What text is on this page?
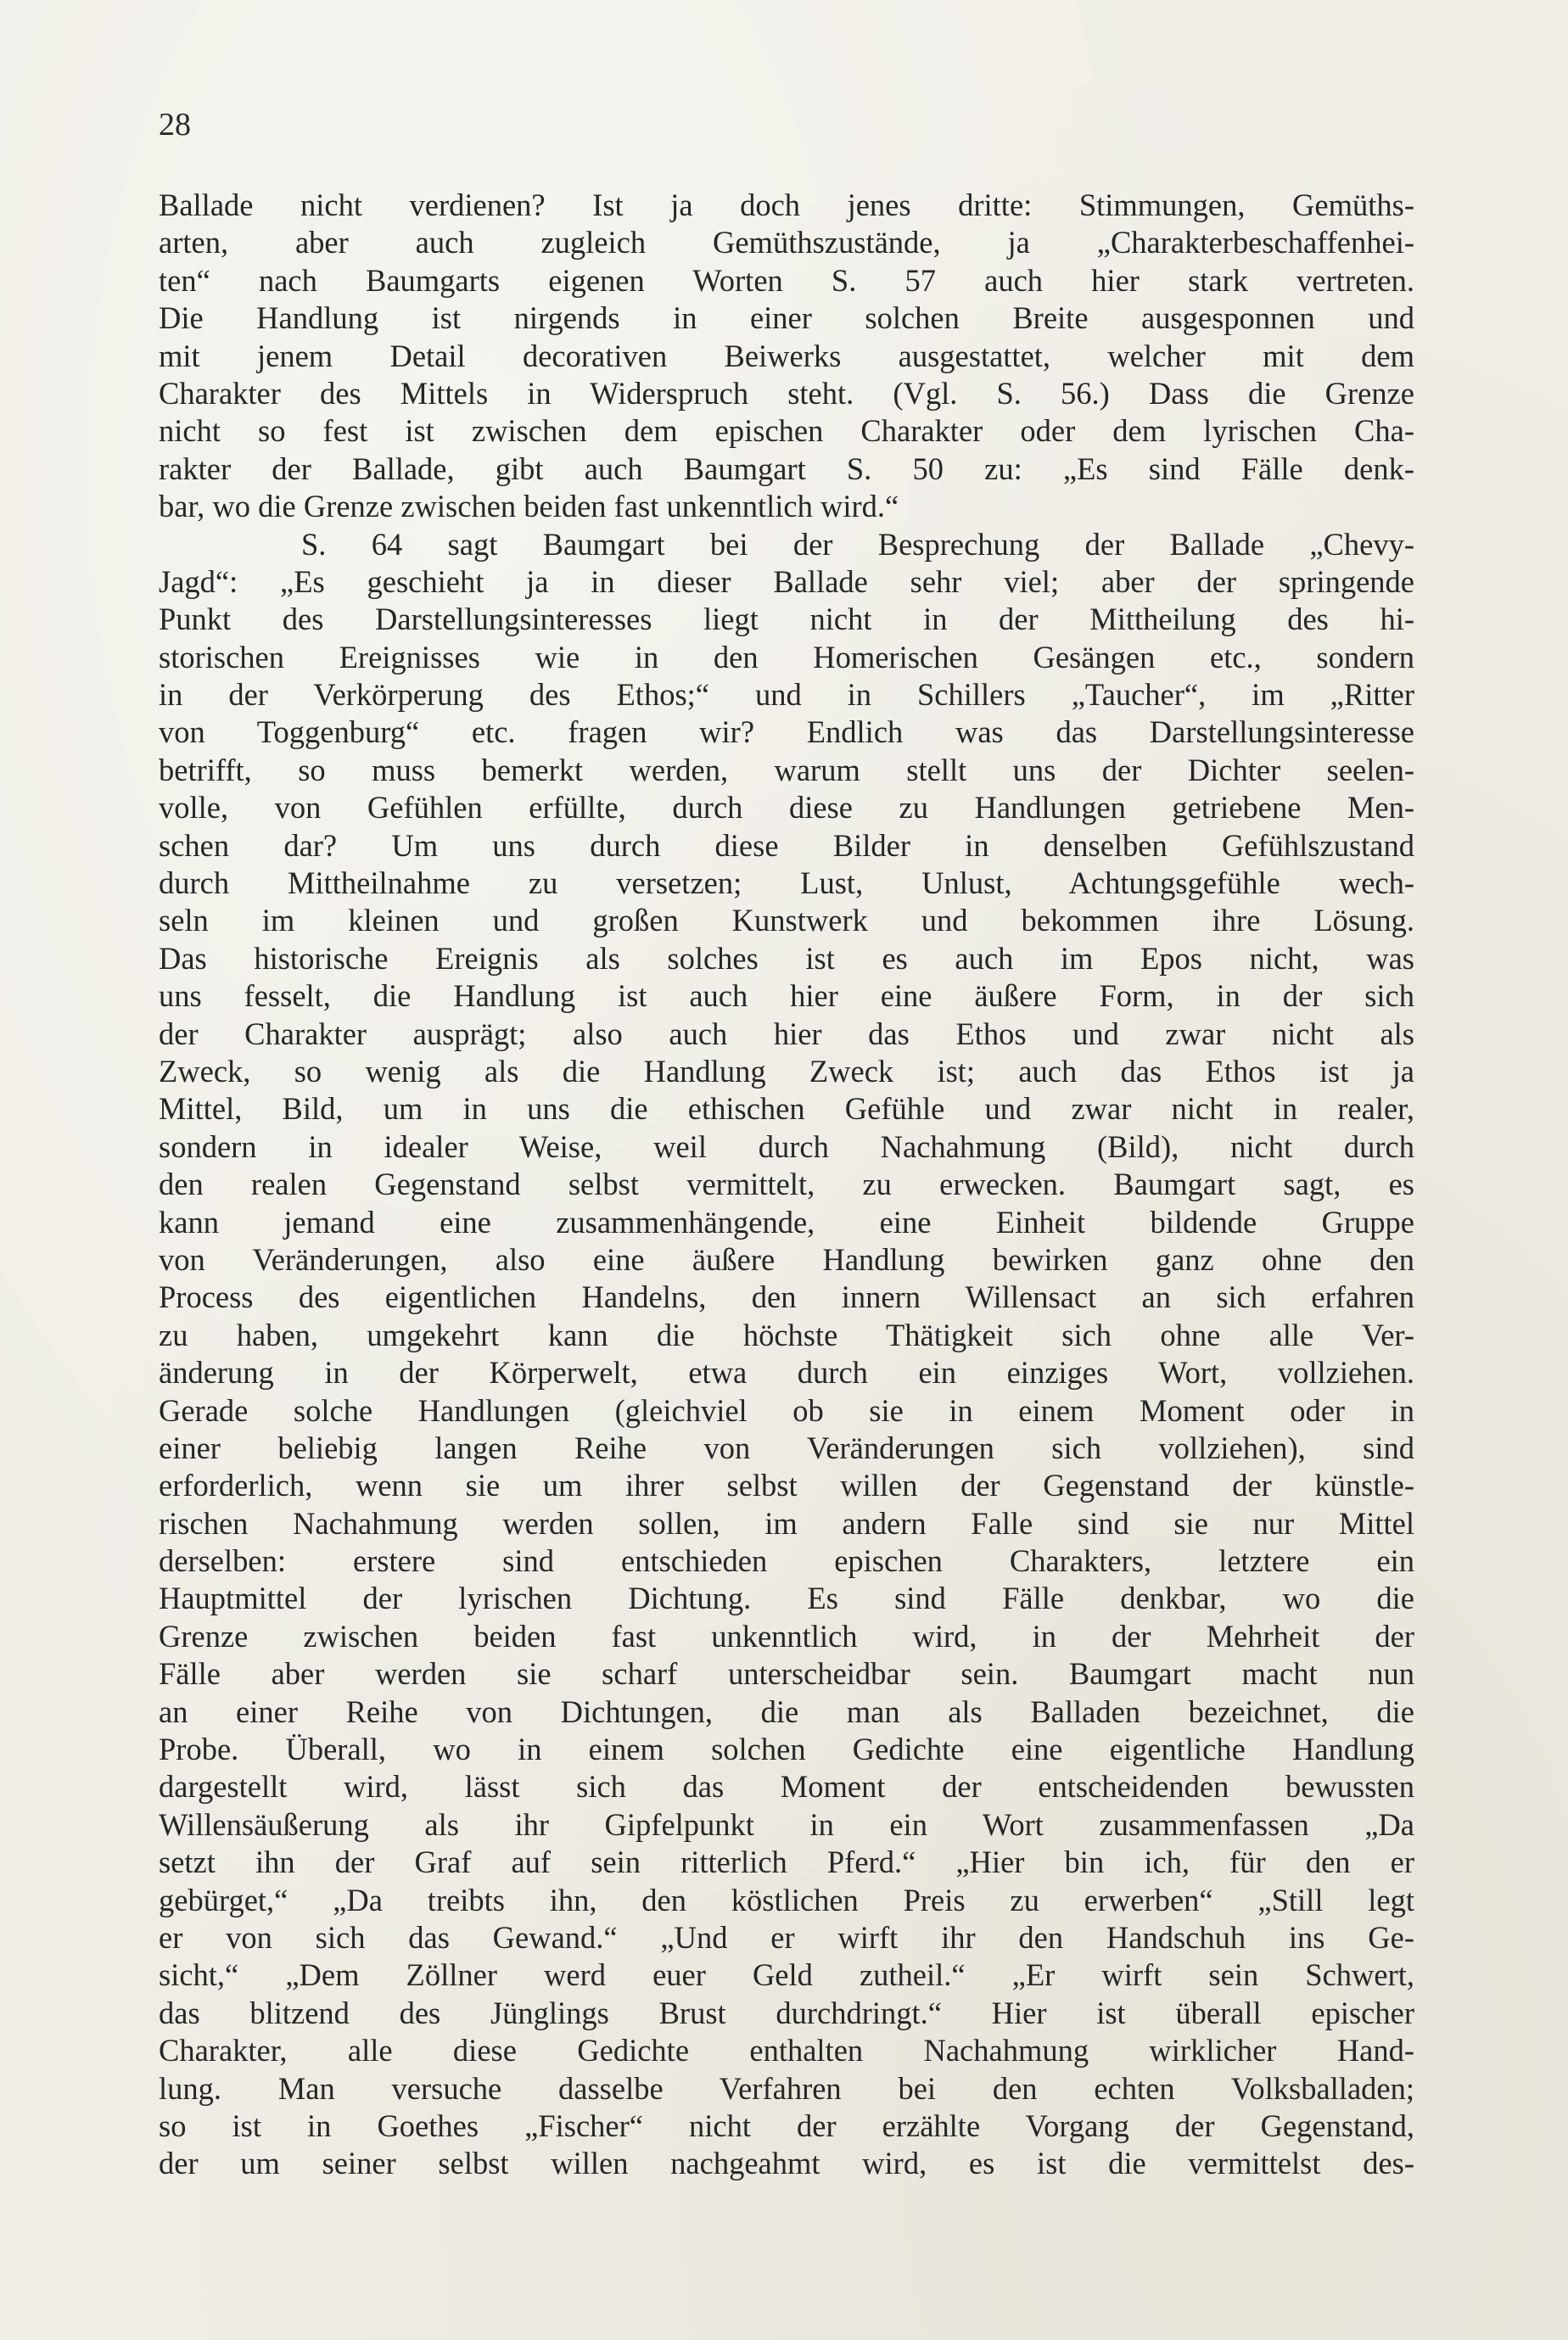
28
Ballade nicht verdienen? Ist ja doch jenes dritte: Stimmungen, Gemüths-
arten, aber auch zugleich Gemüthszustände, ja „Charakterbeschaffenhei-
ten“ nach Baumgarts eigenen Worten S. 57 auch hier stark vertreten.
Die Handlung ist nirgends in einer solchen Breite ausgesponnen und
mit jenem Detail decorativen Beiwerks ausgestattet, welcher mit dem
Charakter des Mittels in Widerspruch steht. (Vgl. S. 56.) Dass die Grenze
nicht so fest ist zwischen dem epischen Charakter oder dem lyrischen Cha-
rakter der Ballade, gibt auch Baumgart S. 50 zu: „Es sind Fälle denk-
bar, wo die Grenze zwischen beiden fast unkenntlich wird.“
S. 64 sagt Baumgart bei der Besprechung der Ballade „Chevy-
Jagd“: „Es geschieht ja in dieser Ballade sehr viel; aber der springende
Punkt des Darstellungsinteresses liegt nicht in der Mittheilung des hi-
storischen Ereignisses wie in den Homerischen Gesängen etc., sondern
in der Verkörperung des Ethos;“ und in Schillers „Taucher“, im „Ritter
von Toggenburg“ etc. fragen wir? Endlich was das Darstellungsinteresse
betrifft, so muss bemerkt werden, warum stellt uns der Dichter seelen-
volle, von Gefühlen erfüllte, durch diese zu Handlungen getriebene Men-
schen dar? Um uns durch diese Bilder in denselben Gefühlszustand
durch Mittheilnahme zu versetzen; Lust, Unlust, Achtungsgefühle wech-
seln im kleinen und großen Kunstwerk und bekommen ihre Lösung.
Das historische Ereignis als solches ist es auch im Epos nicht, was
uns fesselt, die Handlung ist auch hier eine äußere Form, in der sich
der Charakter ausprägt; also auch hier das Ethos und zwar nicht als
Zweck, so wenig als die Handlung Zweck ist; auch das Ethos ist ja
Mittel, Bild, um in uns die ethischen Gefühle und zwar nicht in realer,
sondern in idealer Weise, weil durch Nachahmung (Bild), nicht durch
den realen Gegenstand selbst vermittelt, zu erwecken. Baumgart sagt, es
kann jemand eine zusammenhängende, eine Einheit bildende Gruppe
von Veränderungen, also eine äußere Handlung bewirken ganz ohne den
Process des eigentlichen Handelns, den innern Willensact an sich erfahren
zu haben, umgekehrt kann die höchste Thätigkeit sich ohne alle Ver-
änderung in der Körperwelt, etwa durch ein einziges Wort, vollziehen.
Gerade solche Handlungen (gleichviel ob sie in einem Moment oder in
einer beliebig langen Reihe von Veränderungen sich vollziehen), sind
erforderlich, wenn sie um ihrer selbst willen der Gegenstand der künstle-
rischen Nachahmung werden sollen, im andern Falle sind sie nur Mittel
derselben: erstere sind entschieden epischen Charakters, letztere ein
Hauptmittel der lyrischen Dichtung. Es sind Fälle denkbar, wo die
Grenze zwischen beiden fast unkenntlich wird, in der Mehrheit der
Fälle aber werden sie scharf unterscheidbar sein. Baumgart macht nun
an einer Reihe von Dichtungen, die man als Balladen bezeichnet, die
Probe. Überall, wo in einem solchen Gedichte eine eigentliche Handlung
dargestellt wird, lässt sich das Moment der entscheidenden bewussten
Willensäußerung als ihr Gipfelpunkt in ein Wort zusammenfassen „Da
setzt ihn der Graf auf sein ritterlich Pferd.“ „Hier bin ich, für den er
gebürget,“ „Da treibts ihn, den köstlichen Preis zu erwerben“ „Still legt
er von sich das Gewand.“ „Und er wirft ihr den Handschuh ins Ge-
sicht,“ „Dem Zöllner werd euer Geld zutheil.“ „Er wirft sein Schwert,
das blitzend des Jünglings Brust durchdringt.“ Hier ist überall epischer
Charakter, alle diese Gedichte enthalten Nachahmung wirklicher Hand-
lung. Man versuche dasselbe Verfahren bei den echten Volksballaden;
so ist in Goethes „Fischer“ nicht der erzählte Vorgang der Gegenstand,
der um seiner selbst willen nachgeahmt wird, es ist die vermittelst des-
